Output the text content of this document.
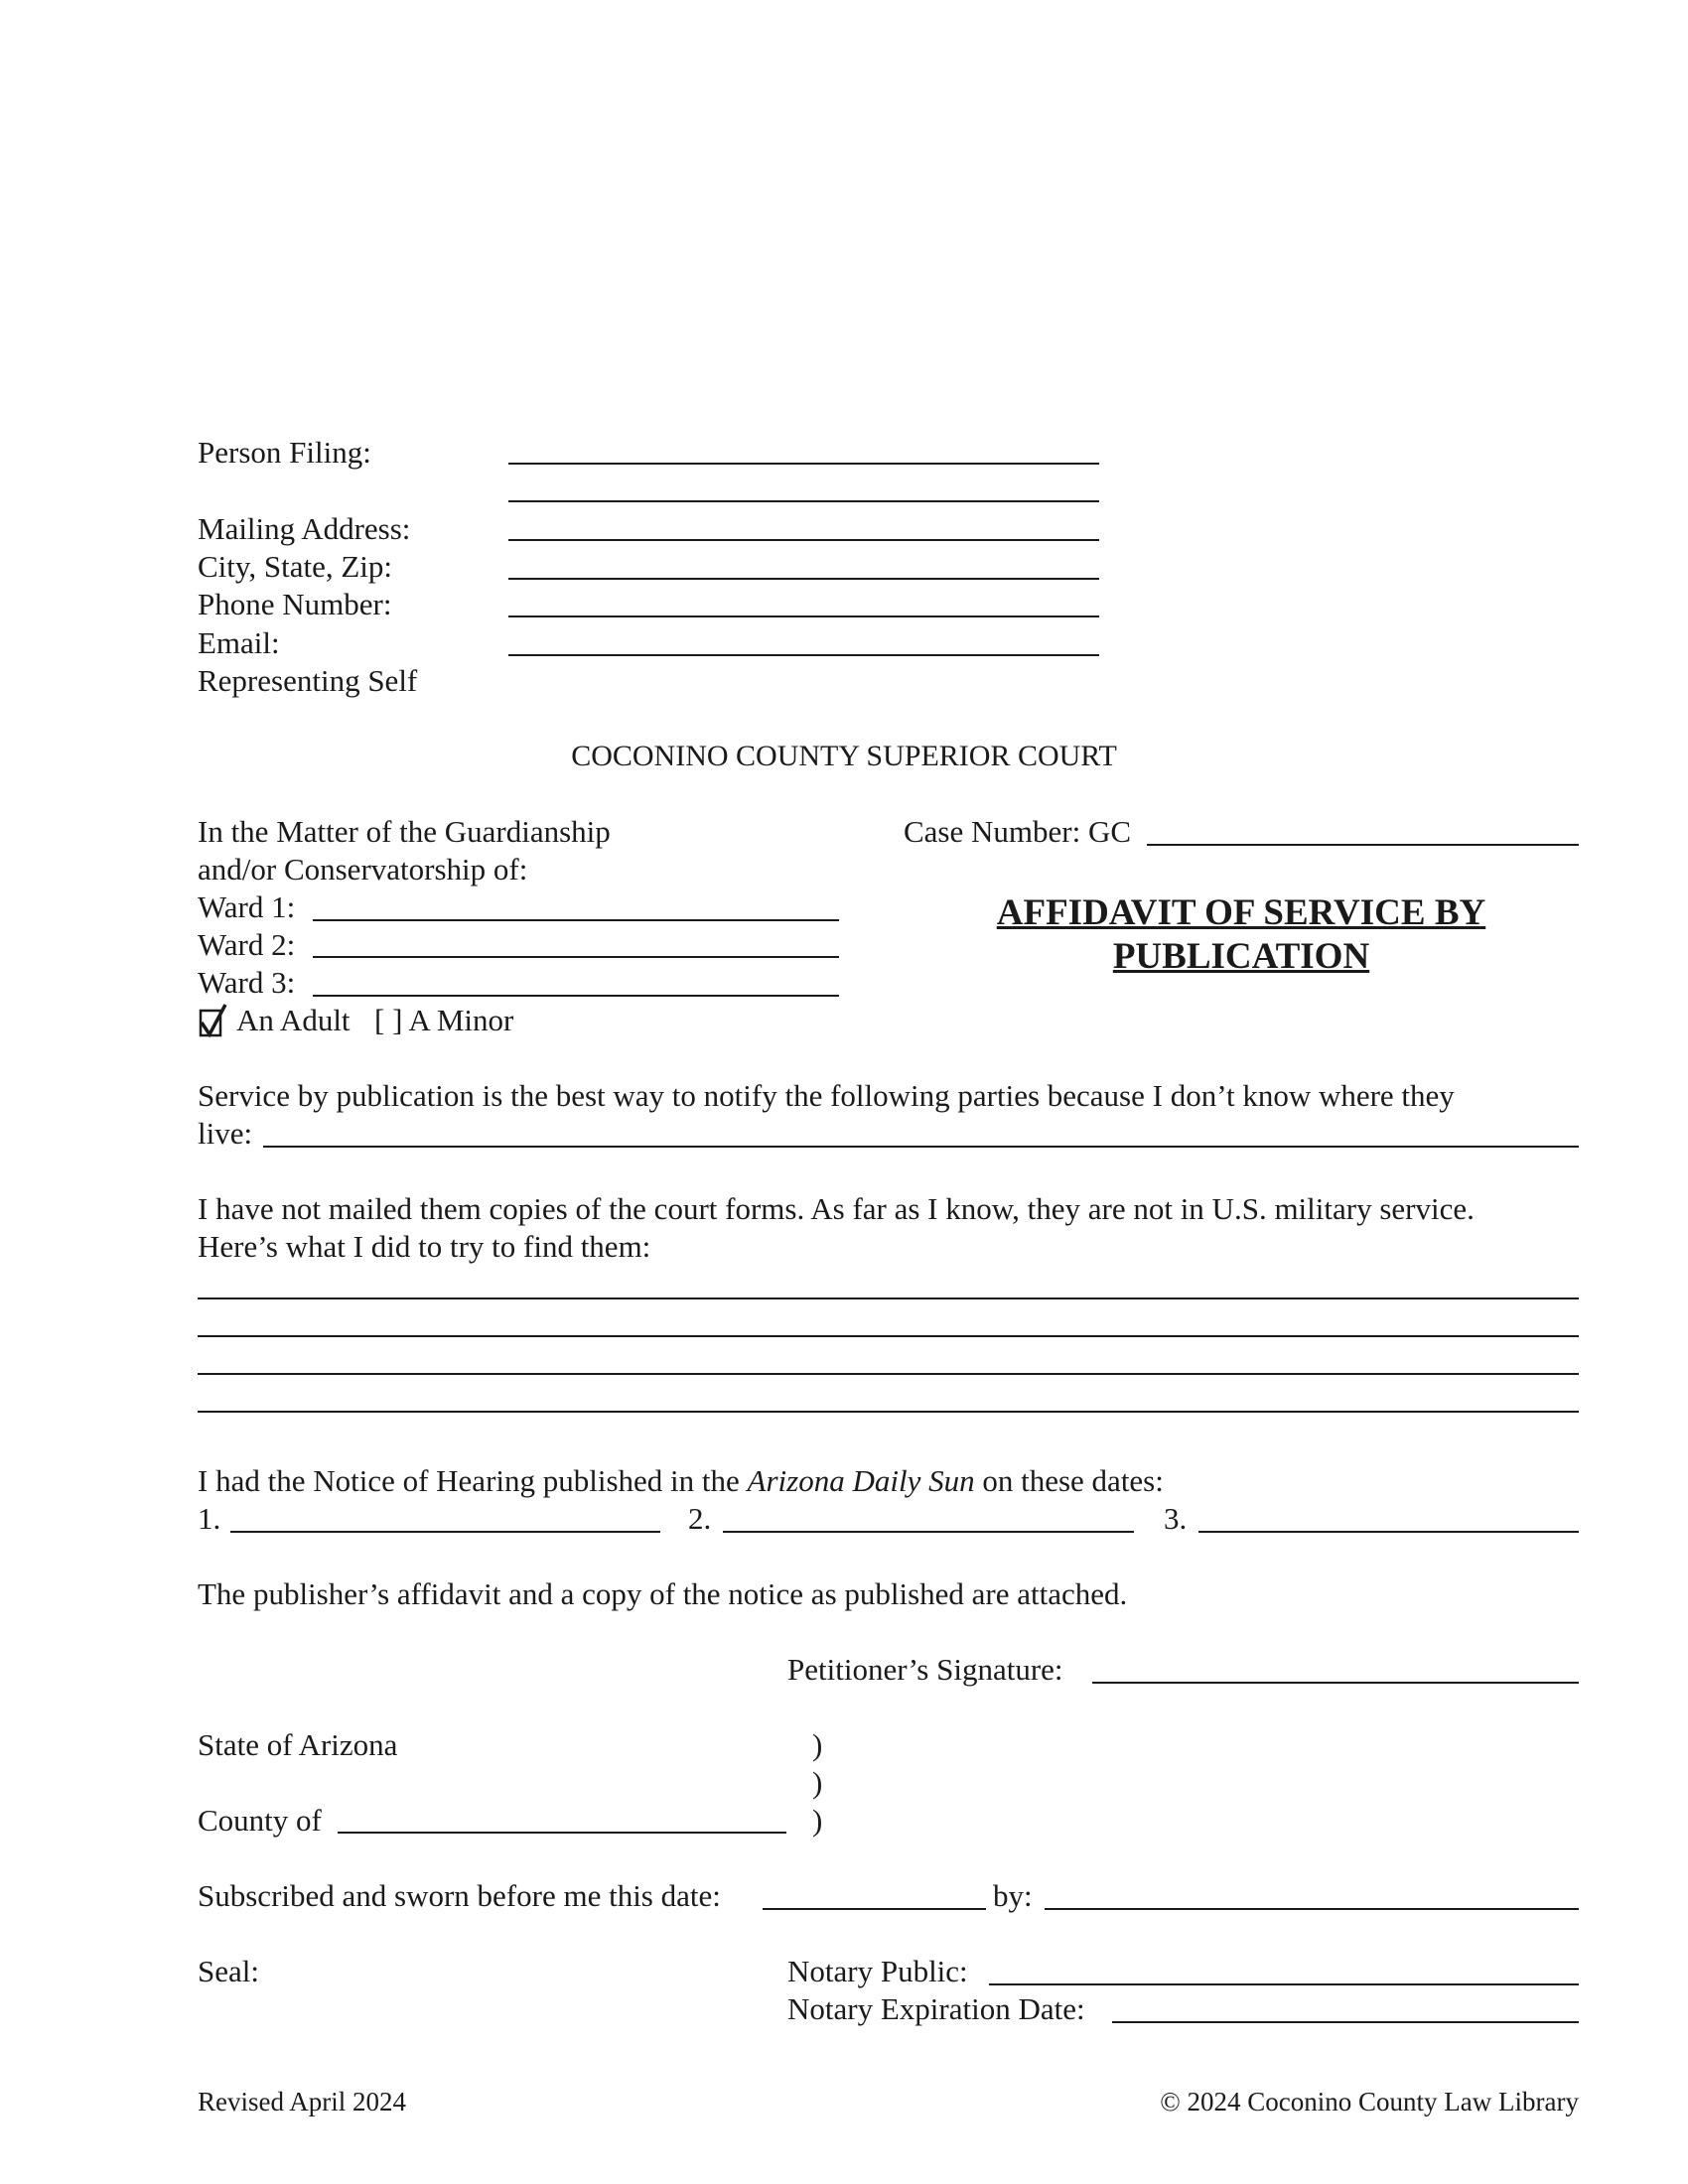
Person Filing:
Mailing Address:
City, State, Zip:
Phone Number:
Email:
Representing Self
COCONINO COUNTY SUPERIOR COURT
In the Matter of the Guardianship
and/or Conservatorship of:
Ward 1:
Ward 2:
Ward 3:
An Adult [ ] A Minor
Case Number: GC
AFFIDAVIT OF SERVICE BY
PUBLICATION
Service by publication is the best way to notify the following parties because I don’t know where they
live:
I have not mailed them copies of the court forms. As far as I know, they are not in U.S. military service.
Here’s what I did to try to find them:
I had the Notice of Hearing published in the Arizona Daily Sun on these dates:
1.	2.	3.
The publisher’s affidavit and a copy of the notice as published are attached.
Petitioner’s Signature:
State of Arizona	)
)
County of	)
Subscribed and sworn before me this date:	by:
Seal:	Notary Public:
Notary Expiration Date:
Revised April 2024	© 2024 Coconino County Law Library
